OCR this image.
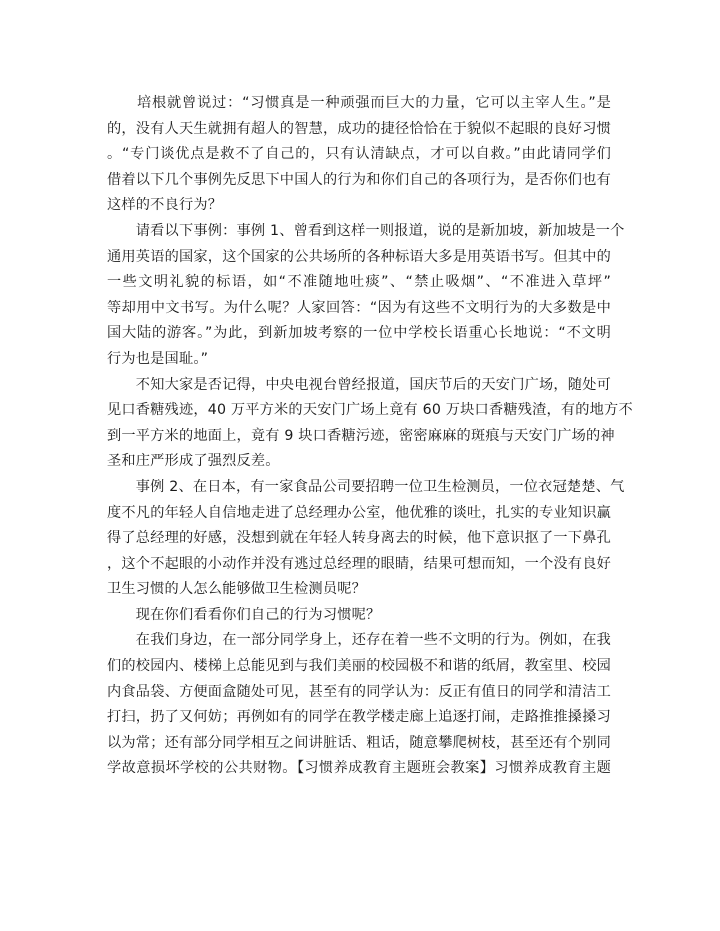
　　培根就曾说过：“习惯真是一种顽强而巨大的力量，它可以主宰人生。”是
的，没有人天生就拥有超人的智慧，成功的捷径恰恰在于貌似不起眼的良好习惯
。“专门谈优点是救不了自己的，只有认清缺点，才可以自救。”由此请同学们
借着以下几个事例先反思下中国人的行为和你们自己的各项行为，是否你们也有
这样的不良行为？
　　请看以下事例：事例 1、曾看到这样一则报道，说的是新加坡，新加坡是一个
通用英语的国家，这个国家的公共场所的各种标语大多是用英语书写。但其中的
一些文明礼貌的标语，如“不准随地吐痰”、“禁止吸烟”、“不准进入草坪”
等却用中文书写。为什么呢？人家回答：“因为有这些不文明行为的大多数是中
国大陆的游客。”为此，到新加坡考察的一位中学校长语重心长地说：“不文明
行为也是国耻。”
　　不知大家是否记得，中央电视台曾经报道，国庆节后的天安门广场，随处可
见口香糖残迹，40 万平方米的天安门广场上竟有 60 万块口香糖残渣，有的地方不
到一平方米的地面上，竟有 9 块口香糖污迹，密密麻麻的斑痕与天安门广场的神
圣和庄严形成了强烈反差。
　　事例 2、在日本，有一家食品公司要招聘一位卫生检测员，一位衣冠楚楚、气
度不凡的年轻人自信地走进了总经理办公室，他优雅的谈吐，扎实的专业知识赢
得了总经理的好感，没想到就在年轻人转身离去的时候，他下意识抠了一下鼻孔
，这个不起眼的小动作并没有逃过总经理的眼睛，结果可想而知，一个没有良好
卫生习惯的人怎么能够做卫生检测员呢？
　　现在你们看看你们自己的行为习惯呢？
　　在我们身边，在一部分同学身上，还存在着一些不文明的行为。例如，在我
们的校园内、楼梯上总能见到与我们美丽的校园极不和谐的纸屑，教室里、校园
内食品袋、方便面盒随处可见，甚至有的同学认为：反正有值日的同学和清洁工
打扫，扔了又何妨；再例如有的同学在教学楼走廊上追逐打闹，走路推推搡搡习
以为常；还有部分同学相互之间讲脏话、粗话，随意攀爬树枝，甚至还有个别同
学故意损坏学校的公共财物。【习惯养成教育主题班会教案】习惯养成教育主题
